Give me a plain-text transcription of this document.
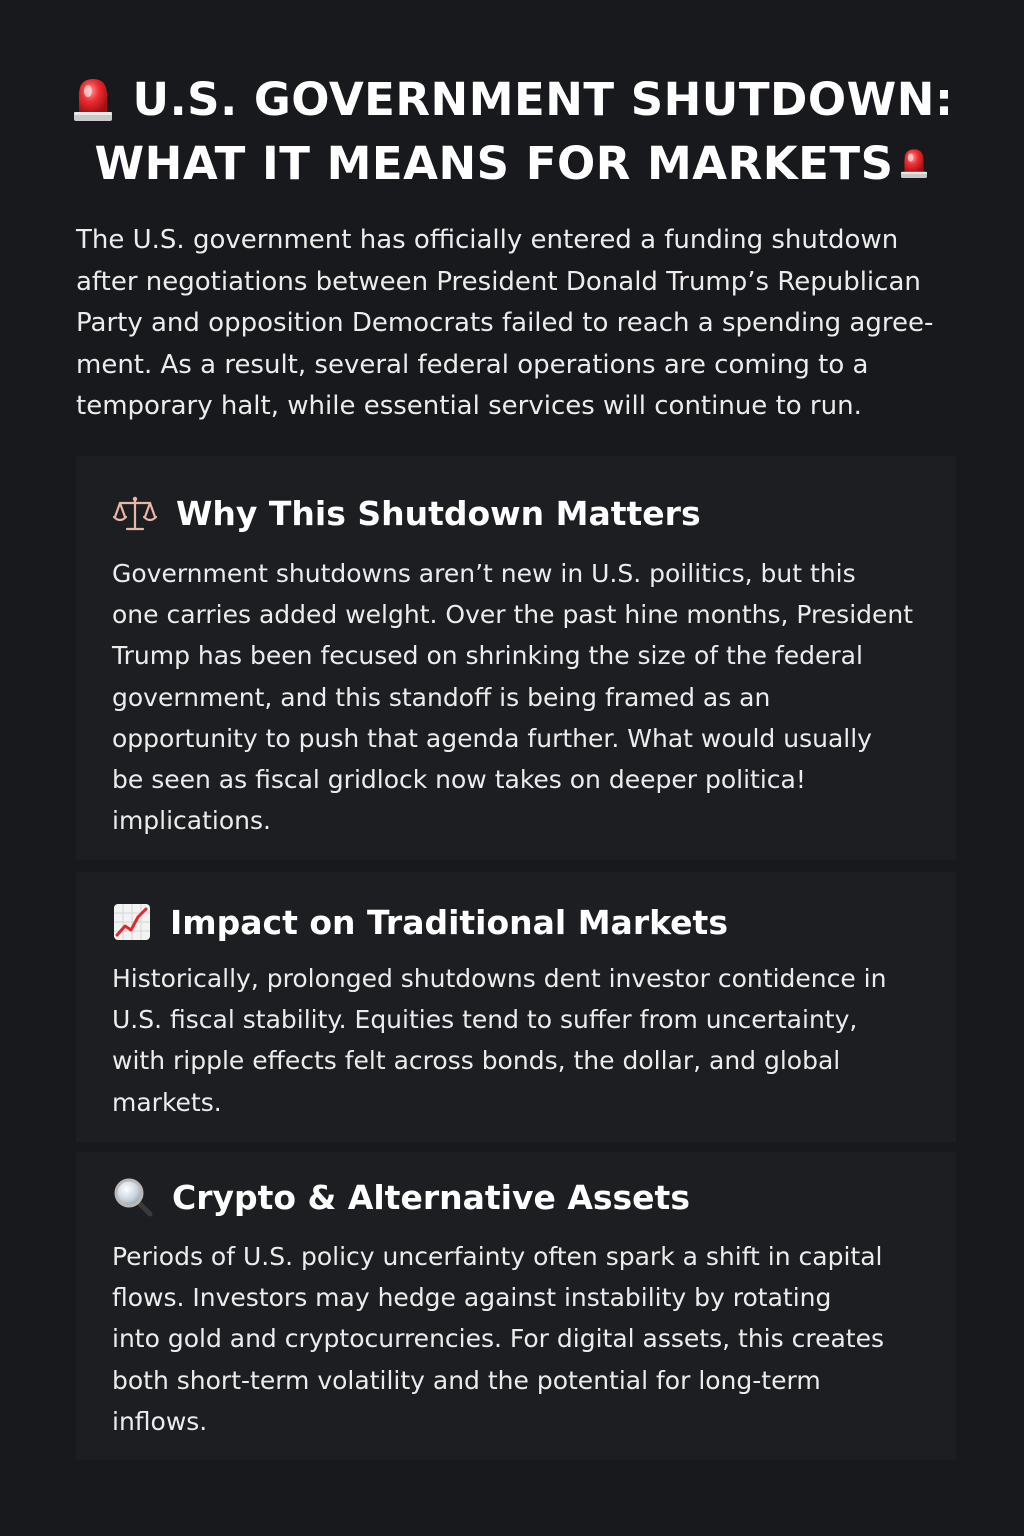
U.S. GOVERNMENT SHUTDOWN:
WHAT IT MEANS FOR MARKETS
The U.S. government has officially entered a funding shutdown
after negotiations between President Donald Trump’s Republican
Party and opposition Democrats failed to reach a spending agree-
ment. As a result, several federal operations are coming to a
temporary halt, while essential services will continue to run.
Why This Shutdown Matters
Government shutdowns aren’t new in U.S. poilitics, but this
one carries added welght. Over the past hine months, President
Trump has been fecused on shrinking the size of the federal
government, and this standoff is being framed as an
opportunity to push that agenda further. What would usually
be seen as fiscal gridlock now takes on deeper politica!
implications.
Impact on Traditional Markets
Historically, prolonged shutdowns dent investor contidence in
U.S. fiscal stability. Equities tend to suffer from uncertainty,
with ripple effects felt across bonds, the dollar, and global
markets.
Crypto & Alternative Assets
Periods of U.S. policy uncerfainty often spark a shift in capital
flows. Investors may hedge against instability by rotating
into gold and cryptocurrencies. For digital assets, this creates
both short-term volatility and the potential for long-term
inflows.
